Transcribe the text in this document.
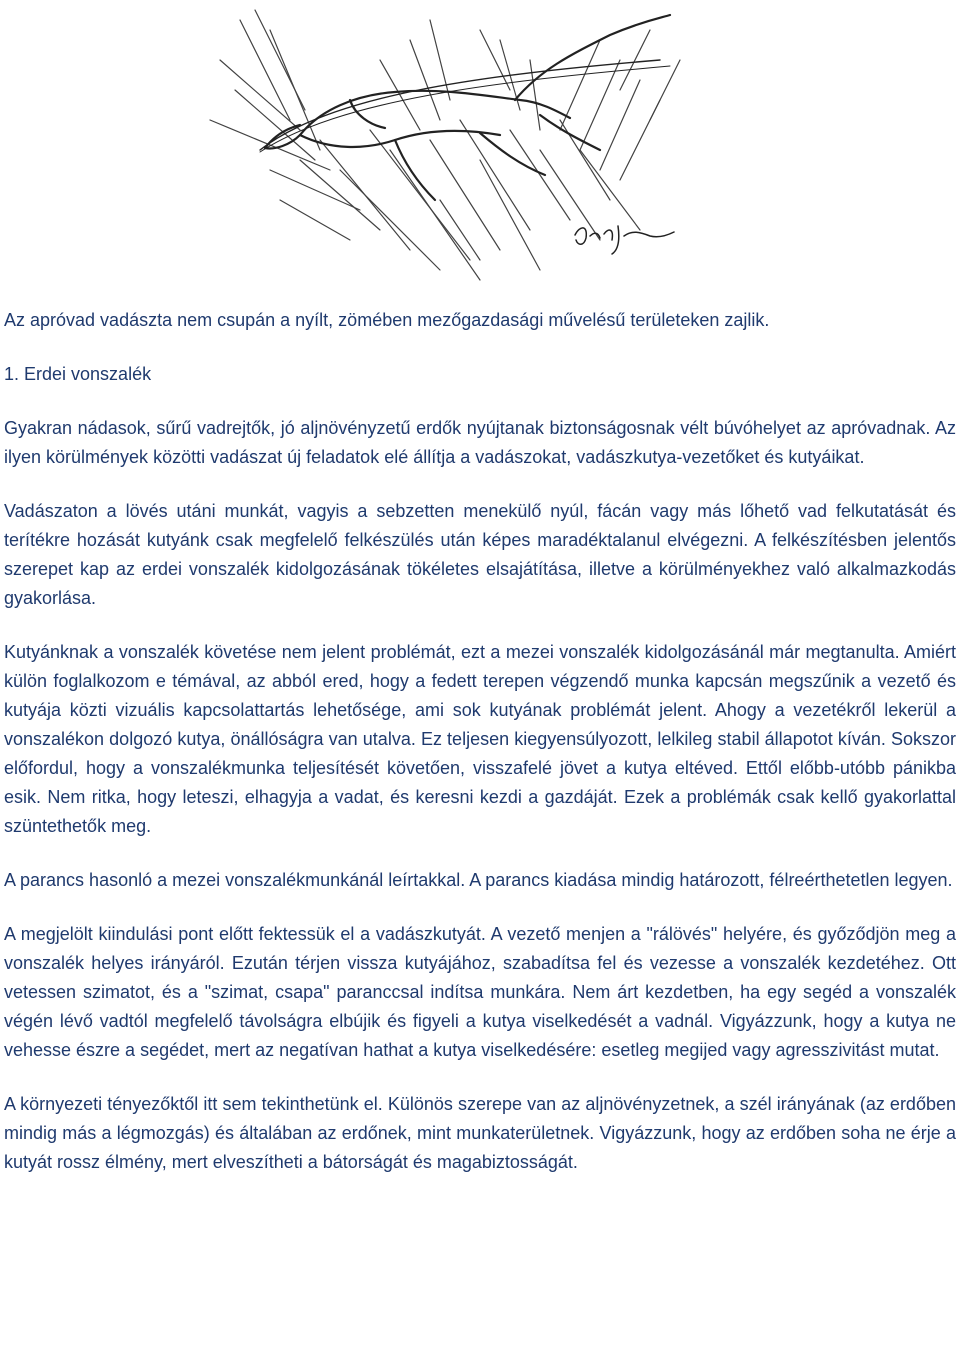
Az apróvad vadászta nem csupán a nyílt, zömében mezőgazdasági művelésű területeken zajlik.

1. Erdei vonszalék

Gyakran nádasok, sűrű vadrejtők, jó aljnövényzetű erdők nyújtanak biztonságosnak vélt búvóhelyet az apróvadnak. Az ilyen körülmények közötti vadászat új feladatok elé állítja a vadászokat, vadászkutya-vezetőket és kutyáikat.

Vadászaton a lövés utáni munkát, vagyis a sebzetten menekülő nyúl, fácán vagy más lőhető vad felkutatását és terítékre hozását kutyánk csak megfelelő felkészülés után képes maradéktalanul elvégezni. A felkészítésben jelentős szerepet kap az erdei vonszalék kidolgozásának tökéletes elsajátítása, illetve a körülményekhez való alkalmazkodás gyakorlása.

Kutyánknak a vonszalék követése nem jelent problémát, ezt a mezei vonszalék kidolgozásánál már megtanulta. Amiért külön foglalkozom e témával, az abból ered, hogy a fedett terepen végzendő munka kapcsán megszűnik a vezető és kutyája közti vizuális kapcsolattartás lehetősége, ami sok kutyának problémát jelent. Ahogy a vezetékről lekerül a vonszalékon dolgozó kutya, önállóságra van utalva. Ez teljesen kiegyensúlyozott, lelkileg stabil állapotot kíván. Sokszor előfordul, hogy a vonszalékmunka teljesítését követően, visszafelé jövet a kutya eltéved. Ettől előbb-utóbb pánikba esik. Nem ritka, hogy leteszi, elhagyja a vadat, és keresni kezdi a gazdáját. Ezek a problémák csak kellő gyakorlattal szüntethetők meg.

A parancs hasonló a mezei vonszalékmunkánál leírtakkal. A parancs kiadása mindig határozott, félreérthetetlen legyen.

A megjelölt kiindulási pont előtt fektessük el a vadászkutyát. A vezető menjen a "rálövés" helyére, és győződjön meg a vonszalék helyes irányáról. Ezután térjen vissza kutyájához, szabadítsa fel és vezesse a vonszalék kezdetéhez. Ott vetessen szimatot, és a "szimat, csapa" paranccsal indítsa munkára. Nem árt kezdetben, ha egy segéd a vonszalék végén lévő vadtól megfelelő távolságra elbújik és figyeli a kutya viselkedését a vadnál. Vigyázzunk, hogy a kutya ne vehesse észre a segédet, mert az negatívan hathat a kutya viselkedésére: esetleg megijed vagy agresszivitást mutat.

A környezeti tényezőktől itt sem tekinthetünk el. Különös szerepe van az aljnövényzetnek, a szél irányának (az erdőben mindig más a légmozgás) és általában az erdőnek, mint munkaterületnek. Vigyázzunk, hogy az erdőben soha ne érje a kutyát rossz élmény, mert elveszítheti a bátorságát és magabiztosságát.
